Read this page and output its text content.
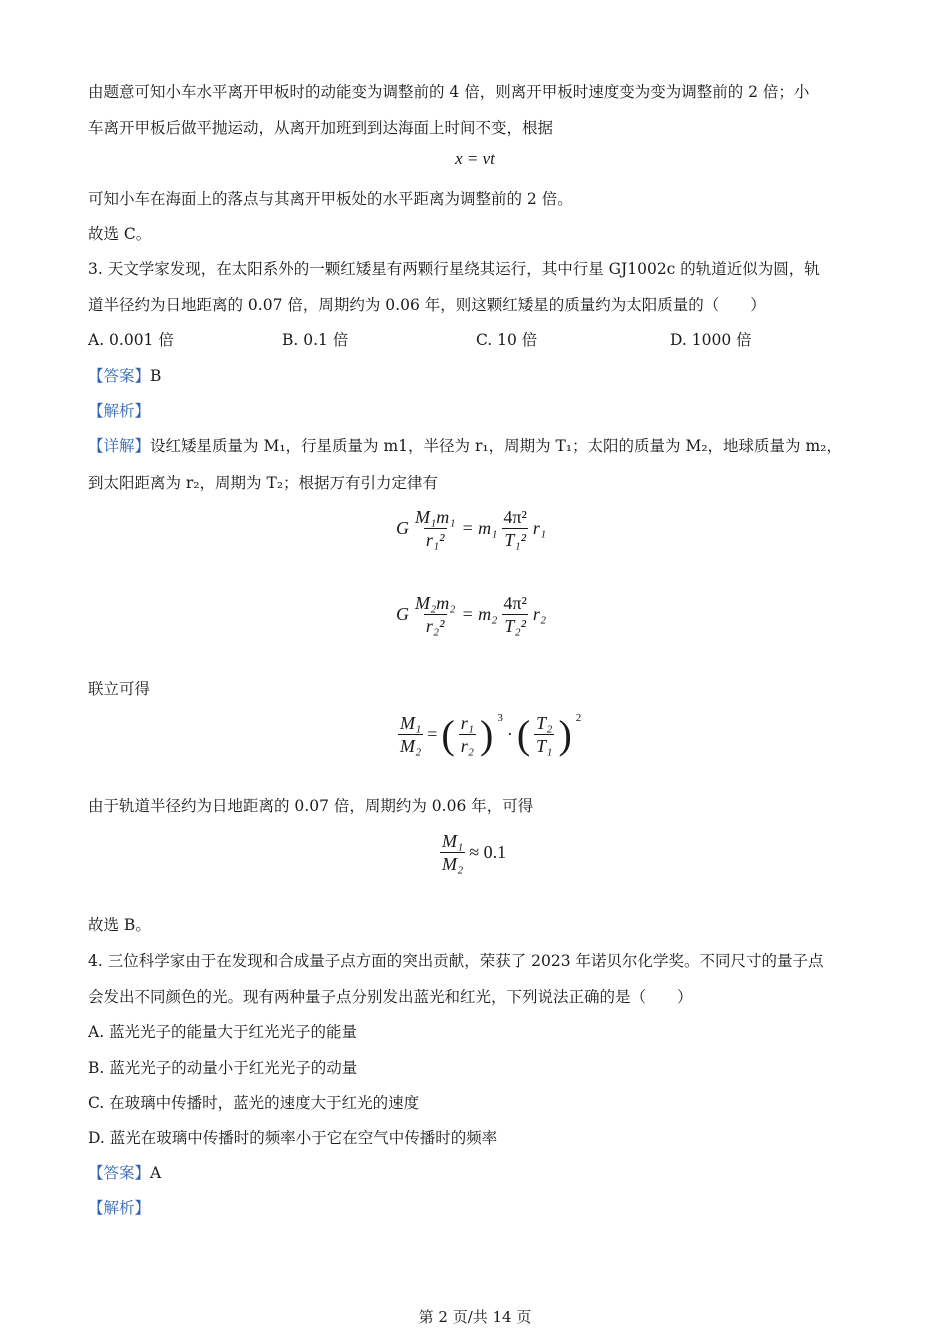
由题意可知小车水平离开甲板时的动能变为调整前的 4 倍，则离开甲板时速度变为变为调整前的 2 倍；小
车离开甲板后做平抛运动，从离开加班到到达海面上时间不变，根据
x = vt
可知小车在海面上的落点与其离开甲板处的水平距离为调整前的 2 倍。
故选 C。
3. 天文学家发现，在太阳系外的一颗红矮星有两颗行星绕其运行，其中行星 GJ1002c 的轨道近似为圆，轨
道半径约为日地距离的 0.07 倍，周期约为 0.06 年，则这颗红矮星的质量约为太阳质量的（　　）
A. 0.001 倍	B. 0.1 倍	C. 10 倍	D. 1000 倍
【答案】B
【解析】
【详解】设红矮星质量为 M₁，行星质量为 m1，半径为 r₁，周期为 T₁；太阳的质量为 M₂，地球质量为 m₂，
到太阳距离为 r₂，周期为 T₂；根据万有引力定律有
G $\frac{\text{M₁m₁}}{\text{r₁²}} = m_1 \frac{\text{4π²}}{\text{T₁²}} r_1$
G $\frac{\text{M₂m₂}}{\text{r₂²}} = m_2 \frac{\text{4π²}}{\text{T₂²}} r_2$
联立可得
$\frac{\text{M₁}}{\text{M₂}}$ = ( $\frac{\text{r₁}}{\text{r₂}}$ ) $^3$
· ( $\frac{\text{T₂}}{\text{T₁}}$ ) $^2$
由于轨道半径约为日地距离的 0.07 倍，周期约为 0.06 年，可得
$\frac{\text{M₁}}{\text{M₂}} \approx 0.1$
故选 B。
4. 三位科学家由于在发现和合成量子点方面的突出贡献，荣获了 2023 年诺贝尔化学奖。不同尺寸的量子点
会发出不同颜色的光。现有两种量子点分别发出蓝光和红光，下列说法正确的是（　　）
A. 蓝光光子的能量大于红光光子的能量
B. 蓝光光子的动量小于红光光子的动量
C. 在玻璃中传播时，蓝光的速度大于红光的速度
D. 蓝光在玻璃中传播时的频率小于它在空气中传播时的频率
【答案】A
【解析】
第 2 页/共 14 页
